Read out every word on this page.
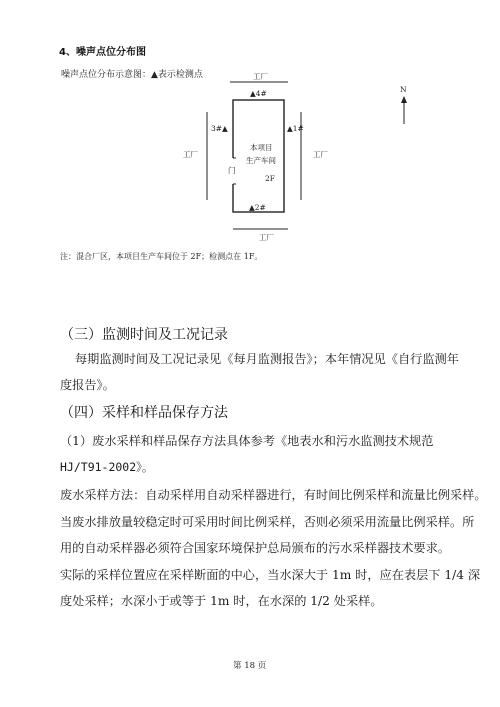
4、噪声点位分布图
噪声点位分布示意图：▲表示检测点	工厂
工厂	工厂
工厂
▲4#
3#▲	▲1#
▲2#
本项目
生产车间
2F
门
N
注：混合厂区，本项目生产车间位于 2F；检测点在 1F。
（三）监测时间及工况记录
每期监测时间及工况记录见《每月监测报告》；本年情况见《自行监测年
度报告》。
（四）采样和样品保存方法
（1）废水采样和样品保存方法具体参考《地表水和污水监测技术规范
HJ/T91-2002》。
废水采样方法：自动采样用自动采样器进行，有时间比例采样和流量比例采样。
当废水排放量较稳定时可采用时间比例采样，否则必须采用流量比例采样。所
用的自动采样器必须符合国家环境保护总局颁布的污水采样器技术要求。
实际的采样位置应在采样断面的中心，当水深大于 1m 时，应在表层下 1/4 深
度处采样；水深小于或等于 1m 时，在水深的 1/2 处采样。
第 18 页
